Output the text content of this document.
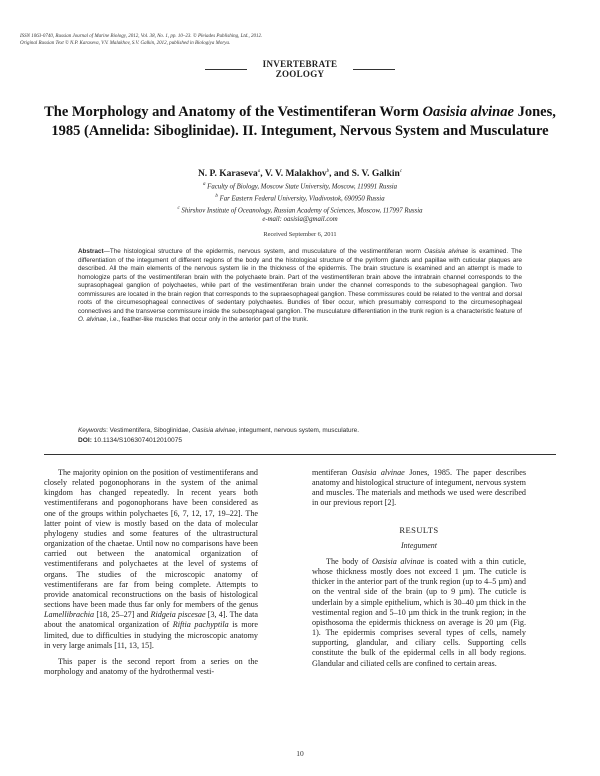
ISSN 1063-0740, Russian Journal of Marine Biology, 2012, Vol. 38, No. 1, pp. 10–23. © Pleiades Publishing, Ltd., 2012.
Original Russian Text © N.P. Karaseva, V.V. Malakhov, S.V. Galkin, 2012, published in Biologiya Morya.
INVERTEBRATE
ZOOLOGY
The Morphology and Anatomy of the Vestimentiferan Worm Oasisia alvinae Jones, 1985 (Annelida: Siboglinidae). II. Integument, Nervous System and Musculature
N. P. Karaseva$^a$, V. V. Malakhov$^b$, and S. V. Galkin$^c$
$^a$ Faculty of Biology, Moscow State University, Moscow, 119991 Russia
$^b$ Far Eastern Federal University, Vladivostok, 690950 Russia
$^c$ Shirshov Institute of Oceanology, Russian Academy of Sciences, Moscow, 117997 Russia
e-mail: oasisia@gmail.com
Received September 6, 2011

Abstract—The histological structure of the epidermis, nervous system, and musculature of the vestimentiferan worm Oasisia alvinae is examined. The differentiation of the integument of different regions of the body and the histological structure of the pyriform glands and papillae with cuticular plaques are described. All the main elements of the nervous system lie in the thickness of the epidermis. The brain structure is examined and an attempt is made to homologize parts of the vestimentiferan brain with the polychaete brain. Part of the vestimentiferan brain above the intrabrain channel corresponds to the suprasophageal ganglion of polychaetes, while part of the vestimentiferan brain under the channel corresponds to the subesophageal ganglion. Two commissures are located in the brain region that corresponds to the supraesophageal ganglion. These commissures could be related to the ventral and dorsal roots of the circumesophageal connectives of sedentary polychaetes. Bundles of fiber occur, which presumably correspond to the circumesophageal connectives and the transverse commissure inside the subesophageal ganglion. The musculature differentiation in the trunk region is a characteristic feature of O. alvinae, i.e., feather-like muscles that occur only in the anterior part of the trunk.

Keywords: Vestimentifera, Siboglinidae, Oasisia alvinae, integument, nervous system, musculature.

DOI: 10.1134/S1063074012010075

The majority opinion on the position of vestimentiferans and closely related pogonophorans in the system of the animal kingdom has changed repeatedly. In recent years both vestimentiferans and pogonophorans have been considered as one of the groups within polychaetes [6, 7, 12, 17, 19–22]. The latter point of view is mostly based on the data of molecular phylogeny studies and some features of the ultrastructural organization of the chaetae. Until now no comparisons have been carried out between the anatomical organization of vestimentiferans and polychaetes at the level of systems of organs. The studies of the microscopic anatomy of vestimentiferans are far from being complete. Attempts to provide anatomical reconstructions on the basis of histological sections have been made thus far only for members of the genus Lamellibrachia [18, 25–27] and Ridgeia piscesae [3, 4]. The data about the anatomical organization of Riftia pachyptila is more limited, due to difficulties in studying the microscopic anatomy in very large animals [11, 13, 15].

This paper is the second report from a series on the morphology and anatomy of the hydrothermal vesti-

mentiferan Oasisia alvinae Jones, 1985. The paper describes anatomy and histological structure of integument, nervous system and muscles. The materials and methods we used were described in our previous report [2].

RESULTS
Integument

The body of Oasisia alvinae is coated with a thin cuticle, whose thickness mostly does not exceed 1 µm. The cuticle is thicker in the anterior part of the trunk region (up to 4–5 µm) and on the ventral side of the brain (up to 9 µm). The cuticle is underlain by a simple epithelium, which is 30–40 µm thick in the vestimental region and 5–10 µm thick in the trunk region; in the opisthosoma the epidermis thickness on average is 20 µm (Fig. 1). The epidermis comprises several types of cells, namely supporting, glandular, and ciliary cells. Supporting cells constitute the bulk of the epidermal cells in all body regions. Glandular and ciliated cells are confined to certain areas.

10
